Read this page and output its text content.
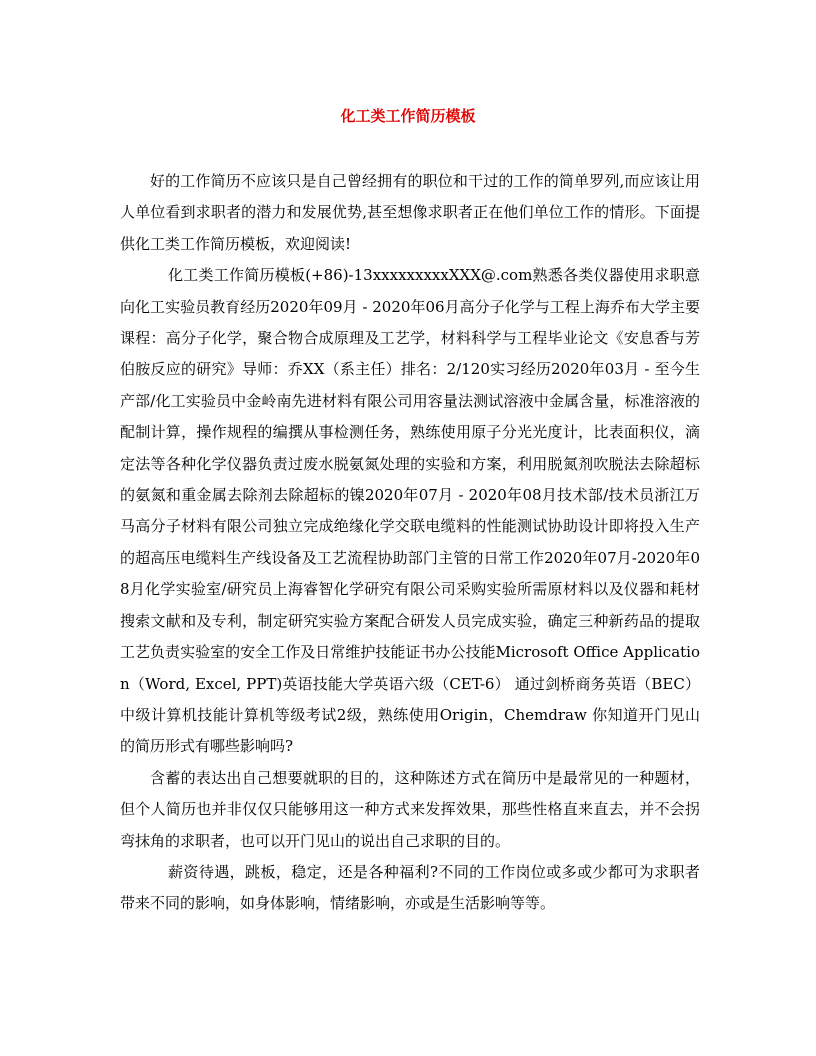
化工类工作简历模板

好的工作简历不应该只是自己曾经拥有的职位和干过的工作的简单罗列,而应该让用人单位看到求职者的潜力和发展优势,甚至想像求职者正在他们单位工作的情形。下面提供化工类工作简历模板，欢迎阅读!

化工类工作简历模板(+86)-13xxxxxxxxxXXX@.com熟悉各类仪器使用求职意向化工实验员教育经历2020年09月 - 2020年06月高分子化学与工程上海乔布大学主要课程：高分子化学，聚合物合成原理及工艺学，材料科学与工程毕业论文《安息香与芳伯胺反应的研究》导师：乔XX（系主任）排名：2/120实习经历2020年03月 - 至今生产部/化工实验员中金岭南先进材料有限公司用容量法测试溶液中金属含量，标准溶液的配制计算，操作规程的编撰从事检测任务，熟练使用原子分光光度计，比表面积仪，滴定法等各种化学仪器负责过废水脱氨氮处理的实验和方案，利用脱氮剂吹脱法去除超标的氨氮和重金属去除剂去除超标的镍2020年07月 - 2020年08月技术部/技术员浙江万马高分子材料有限公司独立完成绝缘化学交联电缆料的性能测试协助设计即将投入生产的超高压电缆料生产线设备及工艺流程协助部门主管的日常工作2020年07月-2020年08月化学实验室/研究员上海睿智化学研究有限公司采购实验所需原材料以及仪器和耗材搜索文献和及专利，制定研究实验方案配合研发人员完成实验，确定三种新药品的提取工艺负责实验室的安全工作及日常维护技能证书办公技能Microsoft Office Application（Word, Excel, PPT)英语技能大学英语六级（CET-6） 通过剑桥商务英语（BEC） 中级计算机技能计算机等级考试2级，熟练使用Origin，Chemdraw 你知道开门见山的简历形式有哪些影响吗?

含蓄的表达出自己想要就职的目的，这种陈述方式在简历中是最常见的一种题材，但个人简历也并非仅仅只能够用这一种方式来发挥效果，那些性格直来直去，并不会拐弯抹角的求职者，也可以开门见山的说出自己求职的目的。

薪资待遇，跳板，稳定，还是各种福利?不同的工作岗位或多或少都可为求职者带来不同的影响，如身体影响，情绪影响，亦或是生活影响等等。
